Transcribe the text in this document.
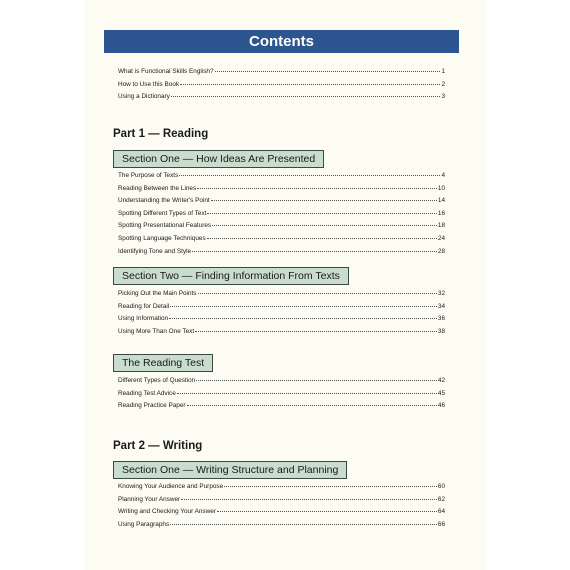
Contents
What is Functional Skills English?	1
How to Use this Book	2
Using a Dictionary	3
Part 1 — Reading
Section One — How Ideas Are Presented
The Purpose of Texts	4
Reading Between the Lines	10
Understanding the Writer's Point	14
Spotting Different Types of Text	16
Spotting Presentational Features	18
Spotting Language Techniques	24
Identifying Tone and Style	28
Section Two — Finding Information From Texts
Picking Out the Main Points	32
Reading for Detail	34
Using Information	36
Using More Than One Text	38
The Reading Test
Different Types of Question	42
Reading Test Advice	45
Reading Practice Paper	46
Part 2 — Writing
Section One — Writing Structure and Planning
Knowing Your Audience and Purpose	60
Planning Your Answer	62
Writing and Checking Your Answer	64
Using Paragraphs	66
